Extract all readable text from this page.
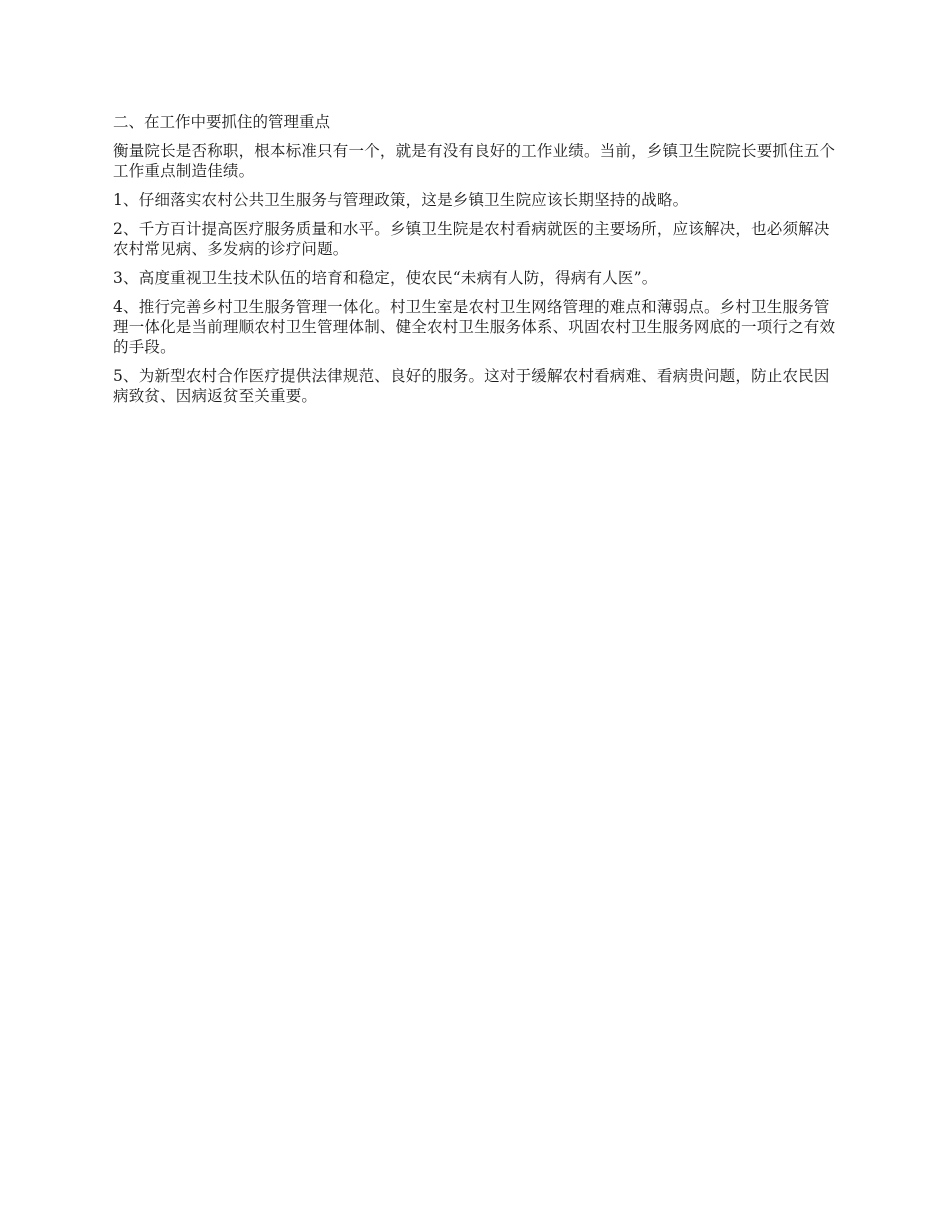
二、在工作中要抓住的管理重点

衡量院长是否称职，根本标准只有一个，就是有没有良好的工作业绩。当前，乡镇卫生院院长要抓住五个工作重点制造佳绩。

1、仔细落实农村公共卫生服务与管理政策，这是乡镇卫生院应该长期坚持的战略。

2、千方百计提高医疗服务质量和水平。乡镇卫生院是农村看病就医的主要场所，应该解决，也必须解决农村常见病、多发病的诊疗问题。

3、高度重视卫生技术队伍的培育和稳定，使农民“未病有人防，得病有人医”。

4、推行完善乡村卫生服务管理一体化。村卫生室是农村卫生网络管理的难点和薄弱点。乡村卫生服务管理一体化是当前理顺农村卫生管理体制、健全农村卫生服务体系、巩固农村卫生服务网底的一项行之有效的手段。

5、为新型农村合作医疗提供法律规范、良好的服务。这对于缓解农村看病难、看病贵问题，防止农民因病致贫、因病返贫至关重要。
